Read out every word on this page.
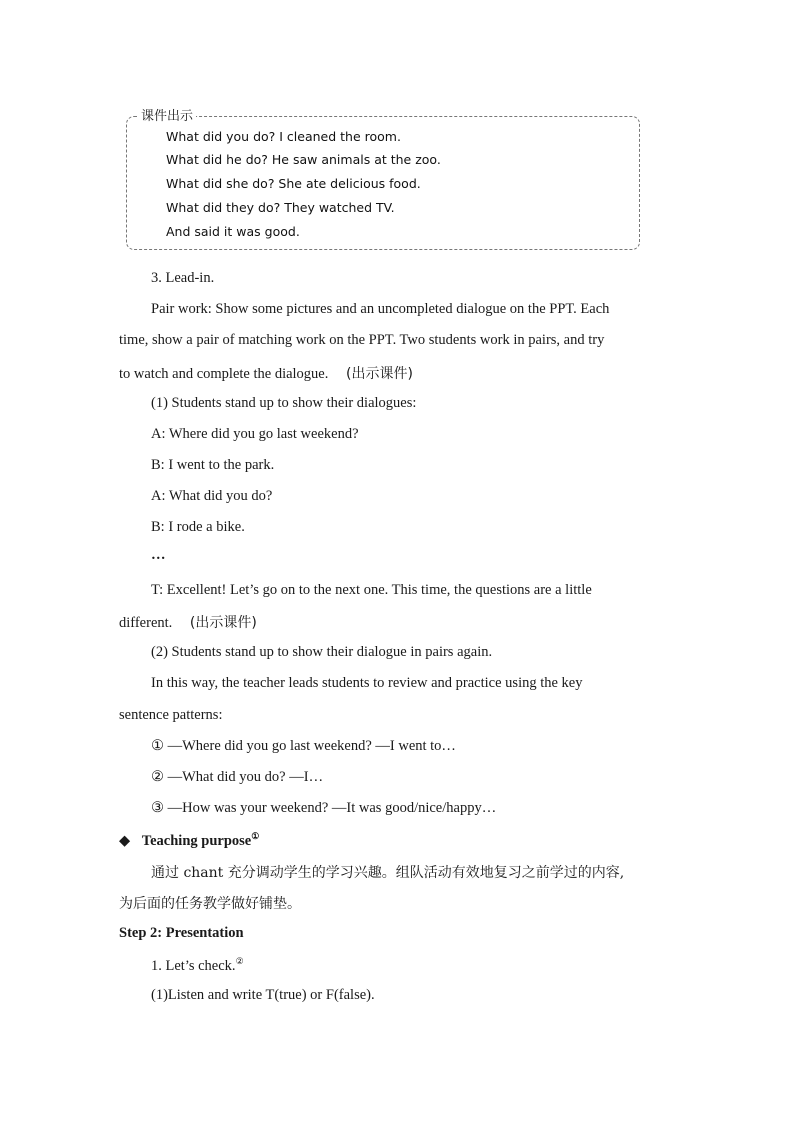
课件出示
What did you do? I cleaned the room.
What did he do? He saw animals at the zoo.
What did she do? She ate delicious food.
What did they do? They watched TV.
And said it was good.
3. Lead-in.
Pair work: Show some pictures and an uncompleted dialogue on the PPT. Each
time, show a pair of matching work on the PPT. Two students work in pairs, and try
to watch and complete the dialogue. (出示课件)
(1) Students stand up to show their dialogues:
A: Where did you go last weekend?
B: I went to the park.
A: What did you do?
B: I rode a bike.
…
T: Excellent! Let’s go on to the next one. This time, the questions are a little
different. (出示课件)
(2) Students stand up to show their dialogue in pairs again.
In this way, the teacher leads students to review and practice using the key
sentence patterns:
① —Where did you go last weekend? —I went to…
② —What did you do? —I…
③ —How was your weekend? —It was good/nice/happy…
◆ Teaching purpose①
通过 chant 充分调动学生的学习兴趣。组队活动有效地复习之前学过的内容,
为后面的任务教学做好铺垫。
Step 2: Presentation
1. Let’s check.②
(1)Listen and write T(true) or F(false).
